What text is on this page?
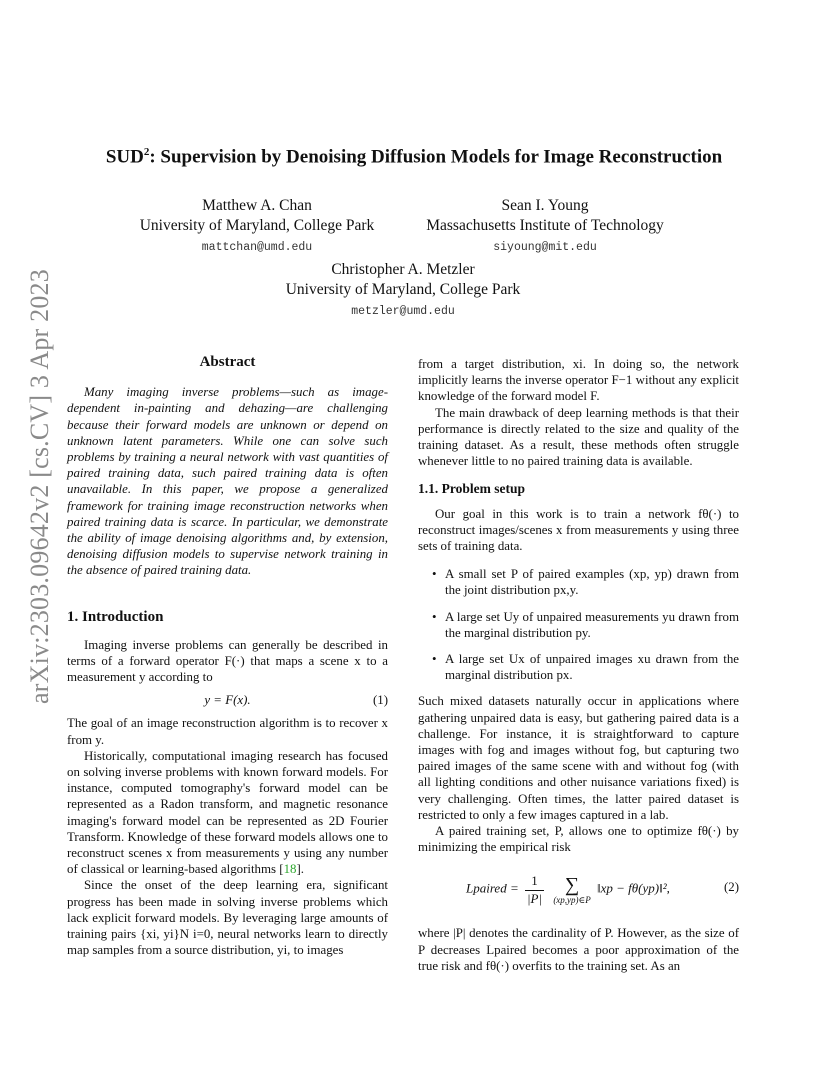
arXiv:2303.09642v2 [cs.CV] 3 Apr 2023
SUD$^2$: Supervision by Denoising Diffusion Models for Image Reconstruction
Matthew A. Chan
University of Maryland, College Park
mattchan@umd.edu
Sean I. Young
Massachusetts Institute of Technology
siyoung@mit.edu
Christopher A. Metzler
University of Maryland, College Park
metzler@umd.edu
Abstract

Many imaging inverse problems—such as image-dependent in-painting and dehazing—are challenging because their forward models are unknown or depend on unknown latent parameters. While one can solve such problems by training a neural network with vast quantities of paired training data, such paired training data is often unavailable. In this paper, we propose a generalized framework for training image reconstruction networks when paired training data is scarce. In particular, we demonstrate the ability of image denoising algorithms and, by extension, denoising diffusion models to supervise network training in the absence of paired training data.

1. Introduction

Imaging inverse problems can generally be described in terms of a forward operator F(·) that maps a scene x to a measurement y according to

y = F(x).	(1)

The goal of an image reconstruction algorithm is to recover x from y.

Historically, computational imaging research has focused on solving inverse problems with known forward models. For instance, computed tomography's forward model can be represented as a Radon transform, and magnetic resonance imaging's forward model can be represented as 2D Fourier Transform. Knowledge of these forward models allows one to reconstruct scenes x from measurements y using any number of classical or learning-based algorithms [18].

Since the onset of the deep learning era, significant progress has been made in solving inverse problems which lack explicit forward models. By leveraging large amounts of training pairs {xi, yi}N i=0, neural networks learn to directly map samples from a source distribution, yi, to images

from a target distribution, xi. In doing so, the network implicitly learns the inverse operator F−1 without any explicit knowledge of the forward model F.

The main drawback of deep learning methods is that their performance is directly related to the size and quality of the training dataset. As a result, these methods often struggle whenever little to no paired training data is available.

1.1. Problem setup

Our goal in this work is to train a network fθ(·) to reconstruct images/scenes x from measurements y using three sets of training data.

• A small set P of paired examples (xp, yp) drawn from the joint distribution px,y.
• A large set Uy of unpaired measurements yu drawn from the marginal distribution py.
• A large set Ux of unpaired images xu drawn from the marginal distribution px.

Such mixed datasets naturally occur in applications where gathering unpaired data is easy, but gathering paired data is a challenge. For instance, it is straightforward to capture images with fog and images without fog, but capturing two paired images of the same scene with and without fog (with all lighting conditions and other nuisance variations fixed) is very challenging. Often times, the latter paired dataset is restricted to only a few images captured in a lab.

A paired training set, P, allows one to optimize fθ(·) by minimizing the empirical risk

Lpaired = $\frac{1}{|P|}$
	∑
(xp,yp)∈P
‖xp − fθ(yp)‖²,	(2)

where |P| denotes the cardinality of P. However, as the size of P decreases Lpaired becomes a poor approximation of the true risk and fθ(·) overfits to the training set. As an
